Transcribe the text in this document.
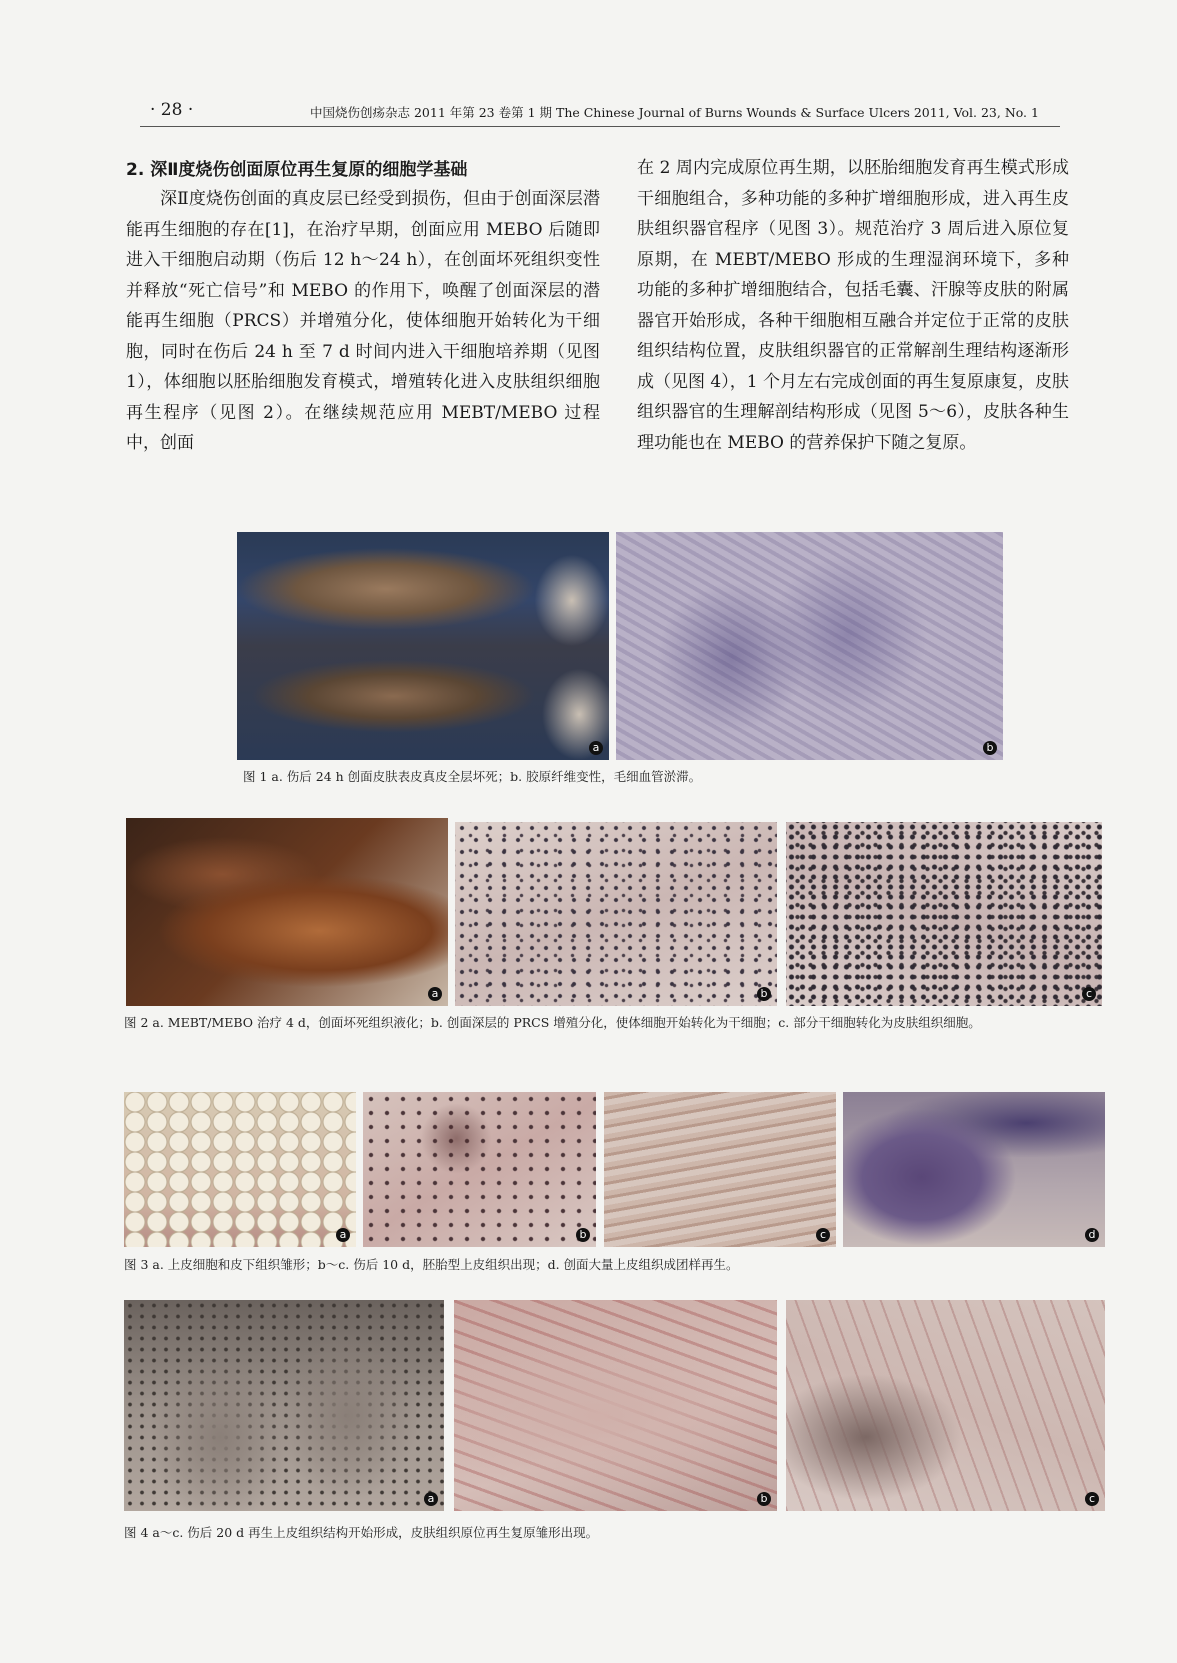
· 28 ·	中国烧伤创疡杂志 2011 年第 23 卷第 1 期 The Chinese Journal of Burns Wounds & Surface Ulcers 2011, Vol. 23, No. 1
2. 深Ⅱ度烧伤创面原位再生复原的细胞学基础
深Ⅱ度烧伤创面的真皮层已经受到损伤，但由于创面深层潜能再生细胞的存在[1]，在治疗早期，创面应用 MEBO 后随即进入干细胞启动期（伤后 12 h～24 h），在创面坏死组织变性并释放“死亡信号”和 MEBO 的作用下，唤醒了创面深层的潜能再生细胞（PRCS）并增殖分化，使体细胞开始转化为干细胞，同时在伤后 24 h 至 7 d 时间内进入干细胞培养期（见图 1），体细胞以胚胎细胞发育模式，增殖转化进入皮肤组织细胞再生程序（见图 2）。在继续规范应用 MEBT/MEBO 过程中，创面
在 2 周内完成原位再生期，以胚胎细胞发育再生模式形成干细胞组合，多种功能的多种扩增细胞形成，进入再生皮肤组织器官程序（见图 3）。规范治疗 3 周后进入原位复原期，在 MEBT/MEBO 形成的生理湿润环境下，多种功能的多种扩增细胞结合，包括毛囊、汗腺等皮肤的附属器官开始形成，各种干细胞相互融合并定位于正常的皮肤组织结构位置，皮肤组织器官的正常解剖生理结构逐渐形成（见图 4），1 个月左右完成创面的再生复原康复，皮肤组织器官的生理解剖结构形成（见图 5～6），皮肤各种生理功能也在 MEBO 的营养保护下随之复原。
a	b
图 1 a. 伤后 24 h 创面皮肤表皮真皮全层坏死；b. 胶原纤维变性，毛细血管淤滞。
a	b	c
图 2 a. MEBT/MEBO 治疗 4 d，创面坏死组织液化；b. 创面深层的 PRCS 增殖分化，使体细胞开始转化为干细胞；c. 部分干细胞转化为皮肤组织细胞。
a	b	c	d
图 3 a. 上皮细胞和皮下组织雏形；b～c. 伤后 10 d，胚胎型上皮组织出现；d. 创面大量上皮组织成团样再生。
a	b	c
图 4 a～c. 伤后 20 d 再生上皮组织结构开始形成，皮肤组织原位再生复原雏形出现。
